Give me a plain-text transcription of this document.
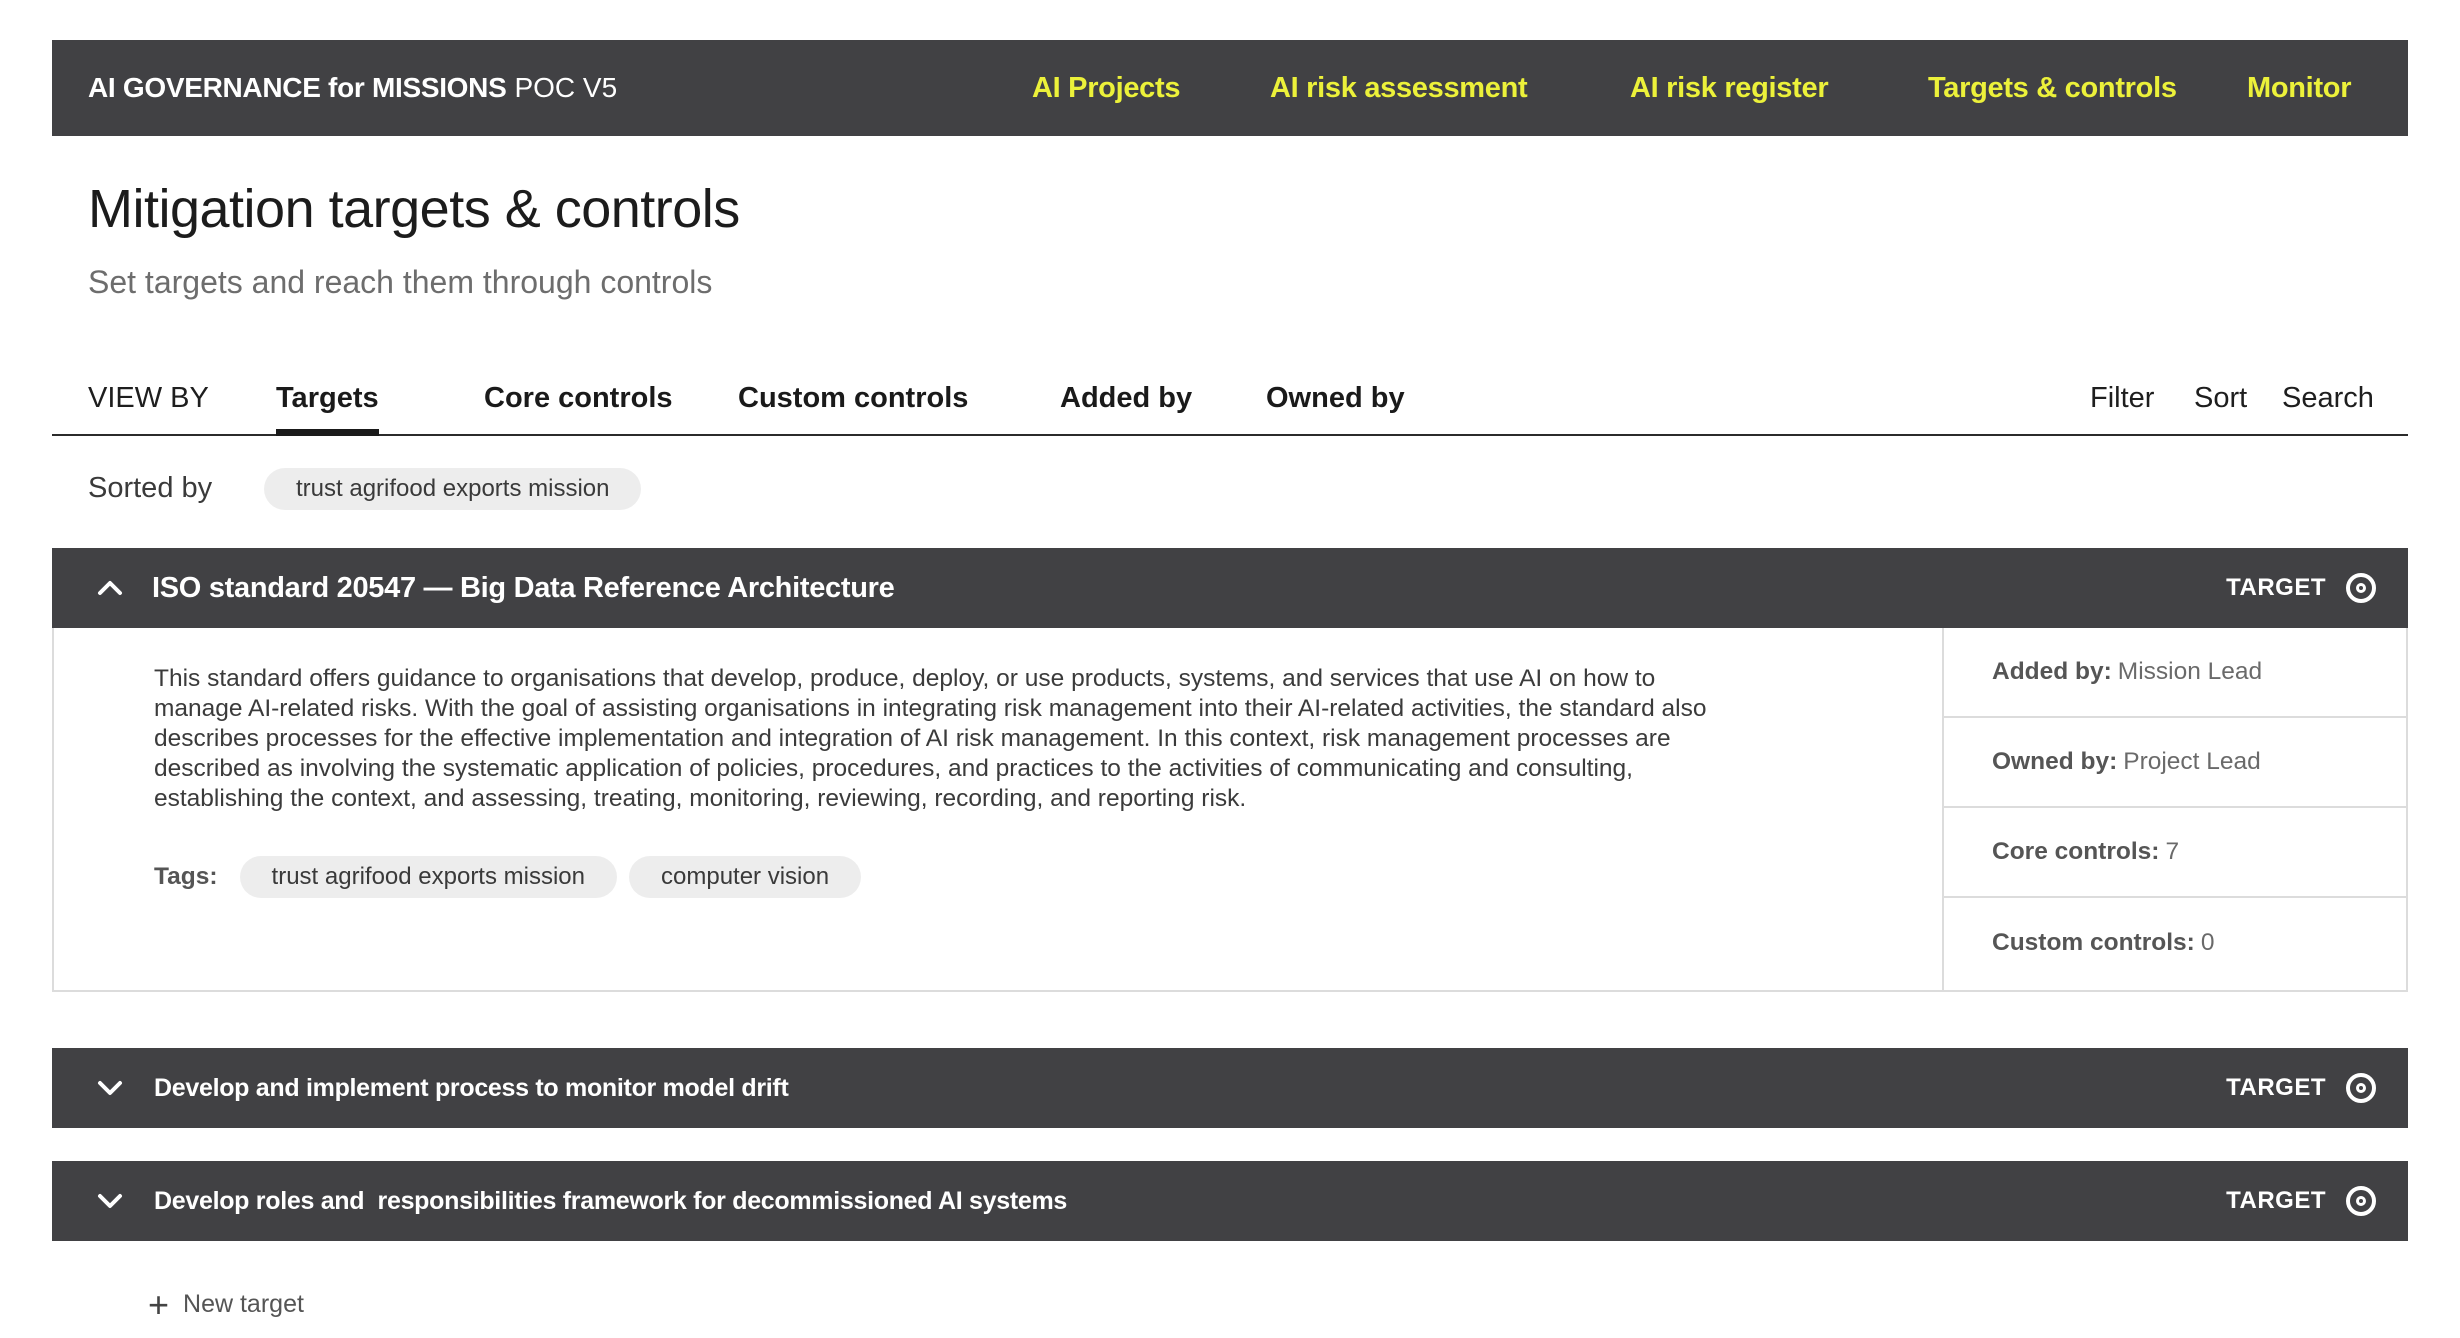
AI GOVERNANCE for MISSIONS POC V5	AI Projects	AI risk assessment	AI risk register	Targets & controls Monitor
Mitigation targets & controls
Set targets and reach them through controls
VIEW BY Targets	Core controls Custom controls	Added by	Owned by	Filter Sort Search
Sorted by	trust agrifood exports mission
ISO standard 20547 — Big Data Reference Architecture	TARGET

This standard offers guidance to organisations that develop, produce, deploy, or use products, systems, and services that use AI on how to manage AI-related risks. With the goal of assisting organisations in integrating risk management into their AI-related activities, the standard also describes processes for the effective implementation and integration of AI risk management. In this context, risk management processes are described as involving the systematic application of policies, procedures, and practices to the activities of communicating and consulting, establishing the context, and assessing, treating, monitoring, reviewing, recording, and reporting risk.

Tags:	trust agrifood exports mission	computer vision
Added by: Mission Lead
Owned by: Project Lead
Core controls: 7
Custom controls: 0
Develop and implement process to monitor model drift	TARGET
Develop roles and  responsibilities framework for decommissioned AI systems	TARGET
+ New target
